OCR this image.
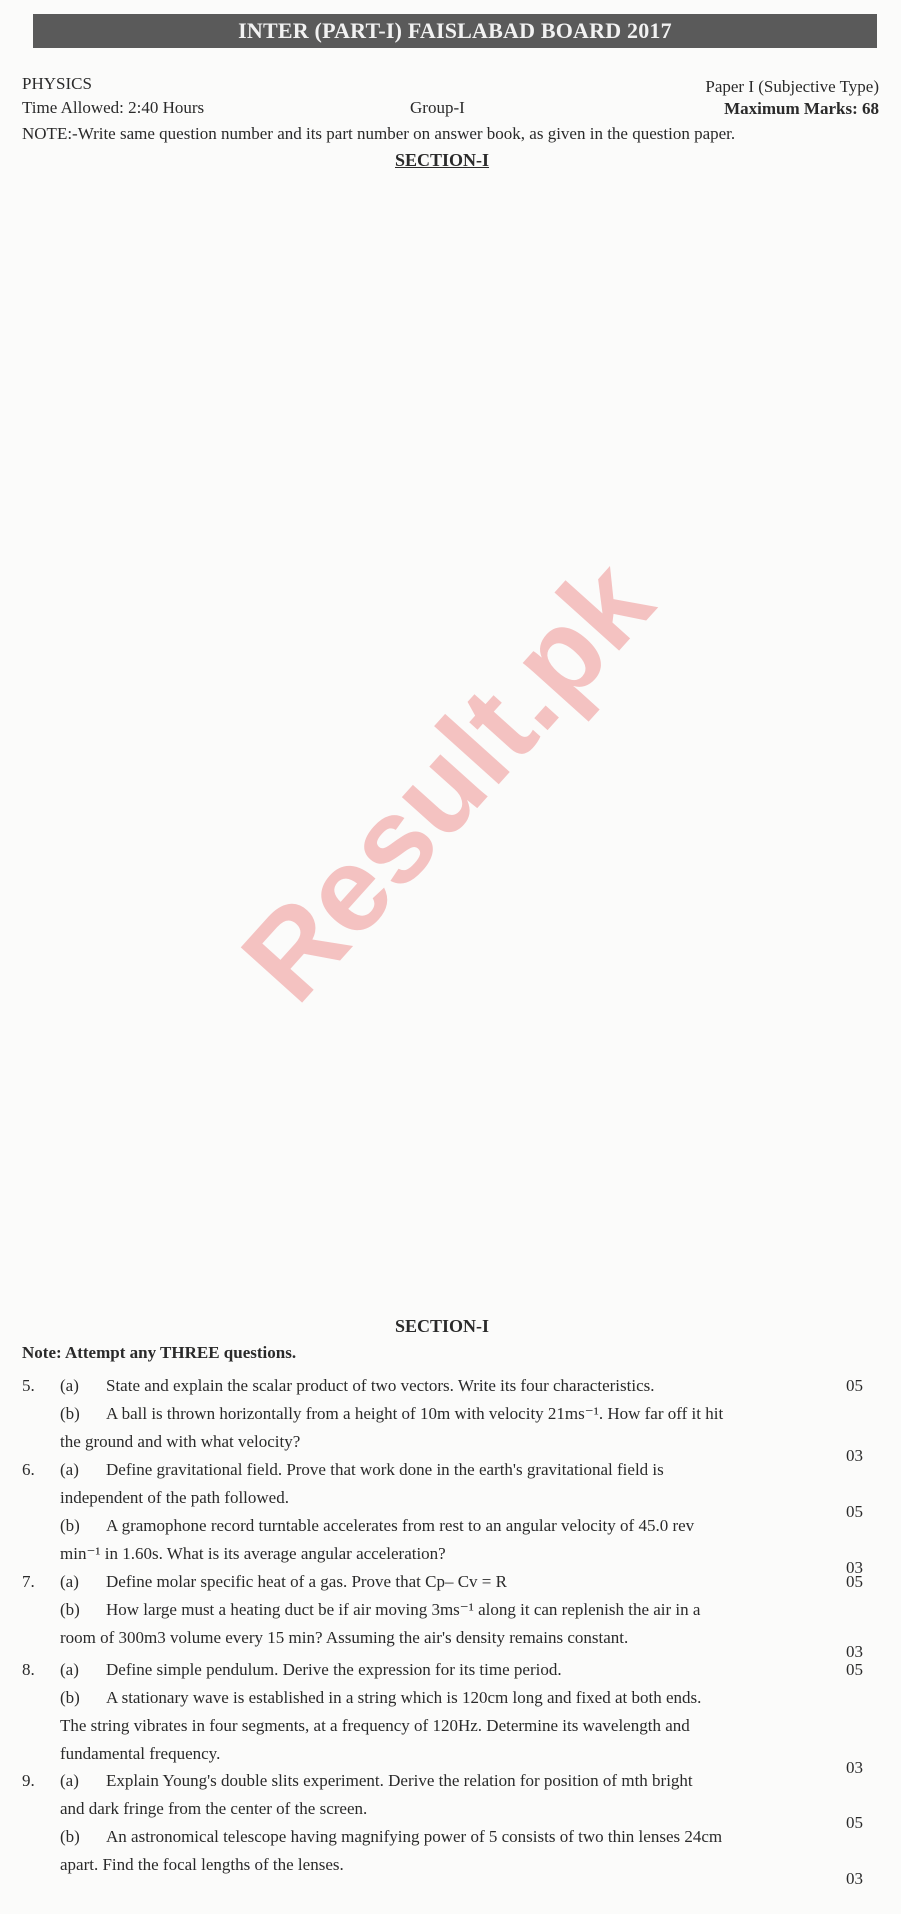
INTER (PART-I) FAISLABAD BOARD 2017
PHYSICS	Paper I (Subjective Type)
Time Allowed: 2:40 Hours	Group-I	Maximum Marks: 68
NOTE:-Write same question number and its part number on answer book, as given in the question paper.
SECTION-I
SECTION-I
Note: Attempt any THREE questions.
5. (a)	State and explain the scalar product of two vectors. Write its four characteristics.	05
(b)	A ball is thrown horizontally from a height of 10m with velocity 21ms⁻¹. How far off it hit
the ground and with what velocity?
03
6. (a)	Define gravitational field. Prove that work done in the earth's gravitational field is
independent of the path followed.
05
(b)	A gramophone record turntable accelerates from rest to an angular velocity of 45.0 rev
min⁻¹ in 1.60s. What is its average angular acceleration?
03
7. (a)	Define molar specific heat of a gas. Prove that Cp– Cv = R	05
(b)	How large must a heating duct be if air moving 3ms⁻¹ along it can replenish the air in a
room of 300m3 volume every 15 min? Assuming the air's density remains constant.
03
8. (a)	Define simple pendulum. Derive the expression for its time period.	05
(b)	A stationary wave is established in a string which is 120cm long and fixed at both ends.
The string vibrates in four segments, at a frequency of 120Hz. Determine its wavelength and
fundamental frequency.
03
9. (a)	Explain Young's double slits experiment. Derive the relation for position of mth bright
and dark fringe from the center of the screen.
05
(b)	An astronomical telescope having magnifying power of 5 consists of two thin lenses 24cm
apart. Find the focal lengths of the lenses.
03
Result.pk
